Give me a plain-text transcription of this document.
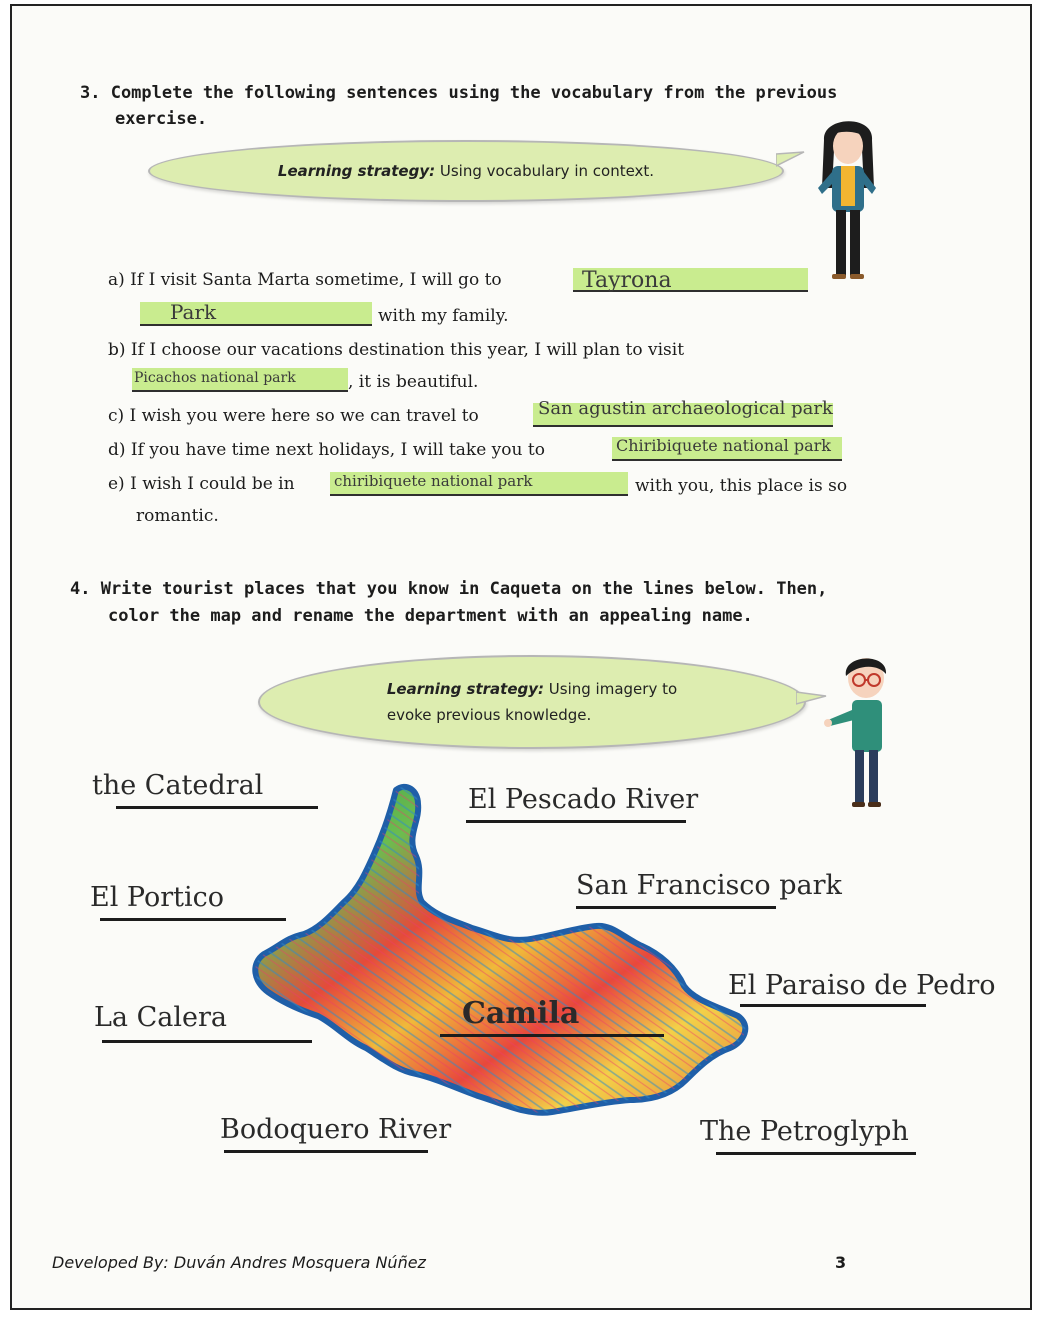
3. Complete the following sentences using the vocabulary from the previous
exercise.
Learning strategy: Using vocabulary in context.
a) If I visit Santa Marta sometime, I will go to	Tayrona
Park	with my family.
b) If I choose our vacations destination this year, I will plan to visit
Picachos national park	, it is beautiful.
c) I wish you were here so we can travel to	San agustin archaeological park
d) If you have time next holidays, I will take you to	Chiribiquete national park
e) I wish I could be in	chiribiquete national park	with you, this place is so
romantic.
4. Write tourist places that you know in Caqueta on the lines below. Then,
color the map and rename the department with an appealing name.
Learning strategy: Using imagery to
evoke previous knowledge.
Camila
the Catedral	El Pescado River
El Portico	San Francisco park
La Calera
El Paraiso de Pedro
Bodoquero River	The Petroglyph
Developed By: Duván Andres Mosquera Núñez	3
